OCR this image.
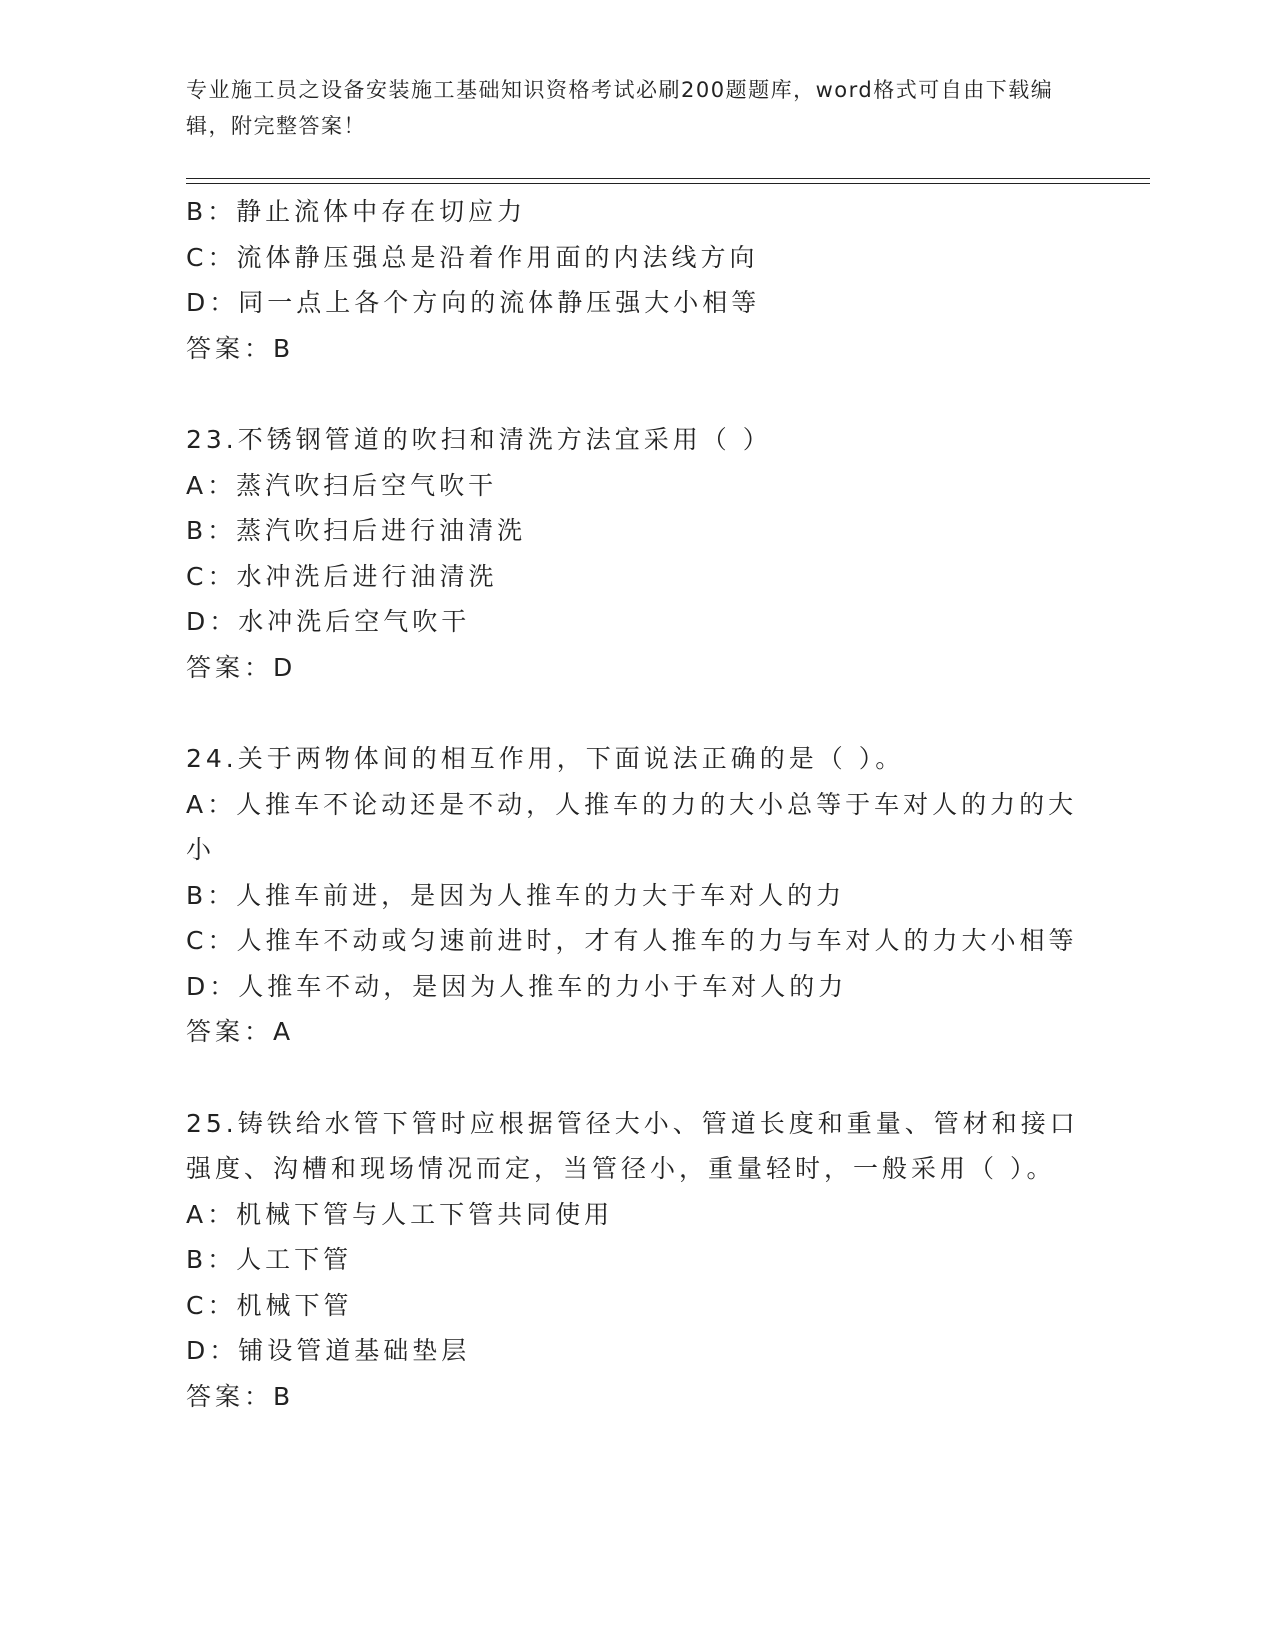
专业施工员之设备安装施工基础知识资格考试必刷200题题库，word格式可自由下载编辑，附完整答案！

B：静止流体中存在切应力

C：流体静压强总是沿着作用面的内法线方向

D：同一点上各个方向的流体静压强大小相等

答案：B

23.不锈钢管道的吹扫和清洗方法宜采用（ ）

A：蒸汽吹扫后空气吹干

B：蒸汽吹扫后进行油清洗

C：水冲洗后进行油清洗

D：水冲洗后空气吹干

答案：D

24.关于两物体间的相互作用，下面说法正确的是（ ）。

A：人推车不论动还是不动，人推车的力的大小总等于车对人的力的大小

B：人推车前进，是因为人推车的力大于车对人的力

C：人推车不动或匀速前进时，才有人推车的力与车对人的力大小相等

D：人推车不动，是因为人推车的力小于车对人的力

答案：A

25.铸铁给水管下管时应根据管径大小、管道长度和重量、管材和接口强度、沟槽和现场情况而定，当管径小，重量轻时，一般采用（ ）。

A：机械下管与人工下管共同使用

B：人工下管

C：机械下管

D：铺设管道基础垫层

答案：B
